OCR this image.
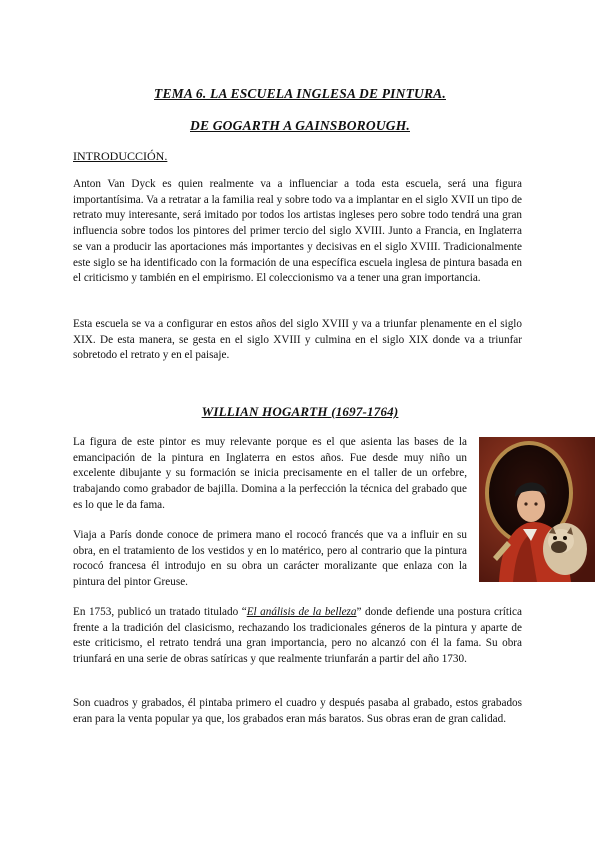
TEMA 6. LA ESCUELA INGLESA DE PINTURA.
DE GOGARTH A GAINSBOROUGH.
INTRODUCCIÓN.

Anton Van Dyck es quien realmente va a influenciar a toda esta escuela, será una figura importantísima. Va a retratar a la familia real y sobre todo va a implantar en el siglo XVII un tipo de retrato muy interesante, será imitado por todos los artistas ingleses pero sobre todo tendrá una gran influencia sobre todos los pintores del primer tercio del siglo XVIII. Junto a Francia, en Inglaterra se van a producir las aportaciones más importantes y decisivas en el siglo XVIII. Tradicionalmente este siglo se ha identificado con la formación de una específica escuela inglesa de pintura basada en el criticismo y también en el empirismo. El coleccionismo va a tener una gran importancia.

Esta escuela se va a configurar en estos años del siglo XVIII y va a triunfar plenamente en el siglo XIX. De esta manera, se gesta en el siglo XVIII y culmina en el siglo XIX donde va a triunfar sobretodo el retrato y en el paisaje.

WILLIAN HOGARTH (1697-1764)

La figura de este pintor es muy relevante porque es el que asienta las bases de la emancipación de la pintura en Inglaterra en estos años. Fue desde muy niño un excelente dibujante y su formación se inicia precisamente en el taller de un orfebre, trabajando como grabador de bajilla. Domina a la perfección la técnica del grabado que es lo que le da fama.

Viaja a París donde conoce de primera mano el rococó francés que va a influir en su obra, en el tratamiento de los vestidos y en lo matérico, pero al contrario que la pintura rococó francesa él introdujo en su obra un carácter moralizante que enlaza con la pintura del pintor Greuse.

En 1753, publicó un tratado titulado “El análisis de la belleza” donde defiende una postura crítica frente a la tradición del clasicismo, rechazando los tradicionales géneros de la pintura y aparte de este criticismo, el retrato tendrá una gran importancia, pero no alcanzó con él la fama. Su obra triunfará en una serie de obras satíricas y que realmente triunfarán a partir del año 1730.

Son cuadros y grabados, él pintaba primero el cuadro y después pasaba al grabado, estos grabados eran para la venta popular ya que, los grabados eran más baratos. Sus obras eran de gran calidad.
